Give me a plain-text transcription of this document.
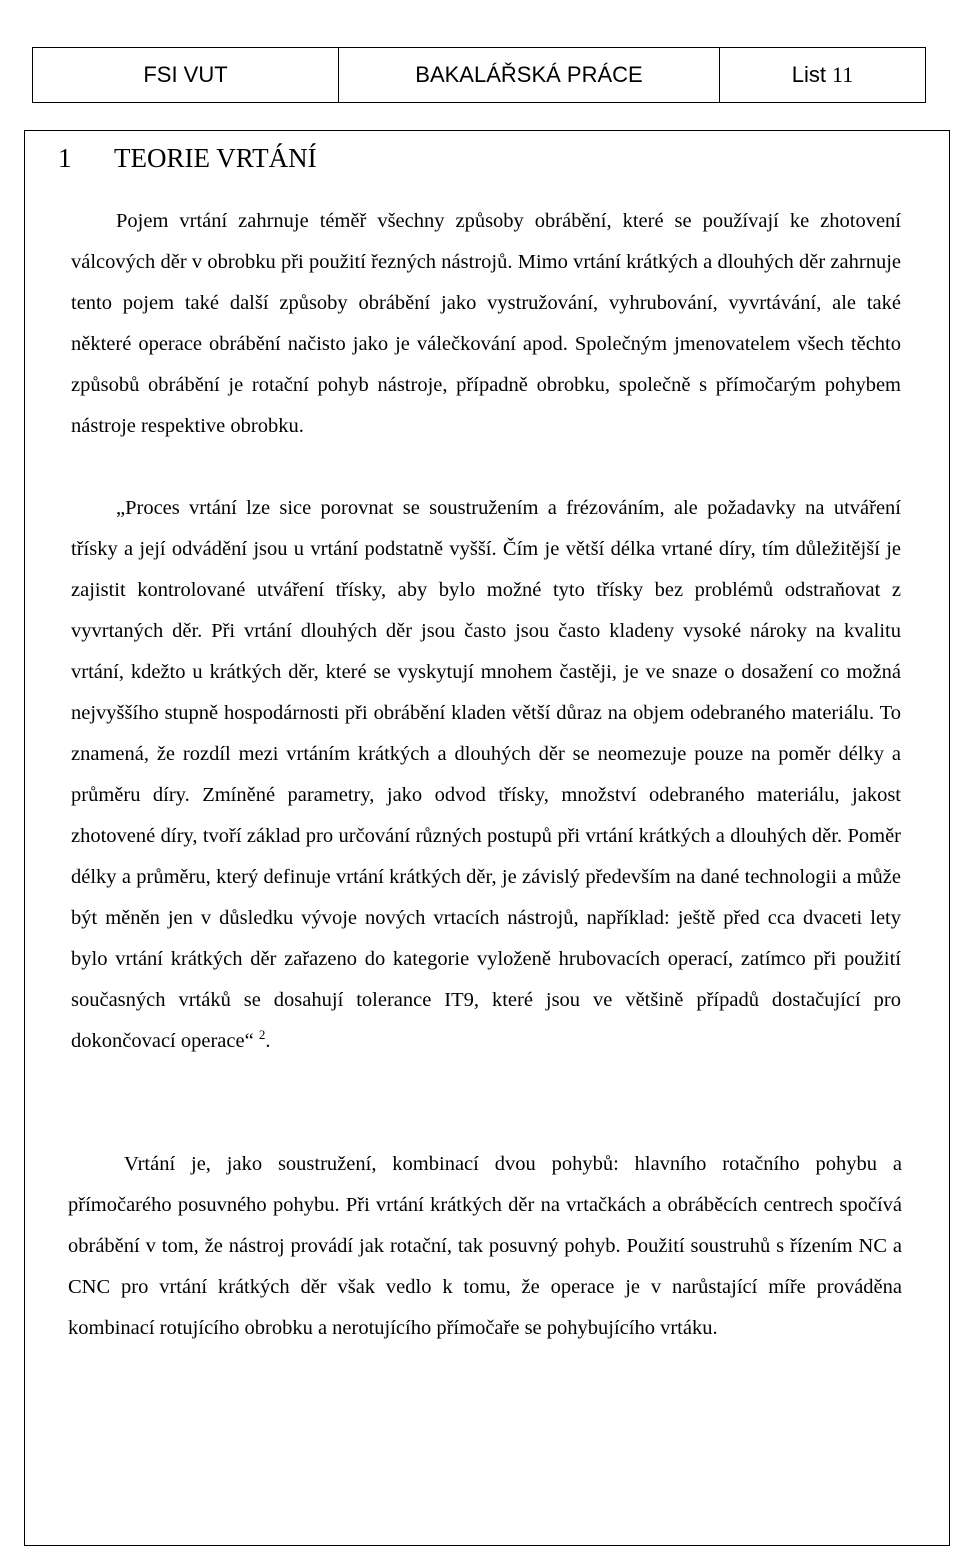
FSI VUT	BAKALÁŘSKÁ PRÁCE	List 11
1	TEORIE VRTÁNÍ

Pojem vrtání zahrnuje téměř všechny způsoby obrábění, které se používají ke zhotovení válcových děr v obrobku při použití řezných nástrojů. Mimo vrtání krátkých a dlouhých děr zahrnuje tento pojem také další způsoby obrábění jako vystružování, vyhrubování, vyvrtávání, ale také některé operace obrábění načisto jako je válečkování apod. Společným jmenovatelem všech těchto způsobů obrábění je rotační pohyb nástroje, případně obrobku, společně s přímočarým pohybem nástroje respektive obrobku.

„Proces vrtání lze sice porovnat se soustružením a frézováním, ale požadavky na utváření třísky a její odvádění jsou u vrtání podstatně vyšší. Čím je větší délka vrtané díry, tím důležitější je zajistit kontrolované utváření třísky, aby bylo možné tyto třísky bez problémů odstraňovat z vyvrtaných děr. Při vrtání dlouhých děr jsou často jsou často kladeny vysoké nároky na kvalitu vrtání, kdežto u krátkých děr, které se vyskytují mnohem častěji, je ve snaze o dosažení co možná nejvyššího stupně hospodárnosti při obrábění kladen větší důraz na objem odebraného materiálu. To znamená, že rozdíl mezi vrtáním krátkých a dlouhých děr se neomezuje pouze na poměr délky a průměru díry. Zmíněné parametry, jako odvod třísky, množství odebraného materiálu, jakost zhotovené díry, tvoří základ pro určování různých postupů při vrtání krátkých a dlouhých děr. Poměr délky a průměru, který definuje vrtání krátkých děr, je závislý především na dané technologii a může být měněn jen v důsledku vývoje nových vrtacích nástrojů, například: ještě před cca dvaceti lety bylo vrtání krátkých děr zařazeno do kategorie vyloženě hrubovacích operací, zatímco při použití současných vrtáků se dosahují tolerance IT9, které jsou ve většině případů dostačující pro dokončovací operace“ $^2$.

Vrtání je, jako soustružení, kombinací dvou pohybů: hlavního rotačního pohybu a přímočarého posuvného pohybu. Při vrtání krátkých děr na vrtačkách a obráběcích centrech spočívá obrábění v tom, že nástroj provádí jak rotační, tak posuvný pohyb. Použití soustruhů s řízením NC a CNC pro vrtání krátkých děr však vedlo k tomu, že operace je v narůstající míře prováděna kombinací rotujícího obrobku a nerotujícího přímočaře se pohybujícího vrtáku.
